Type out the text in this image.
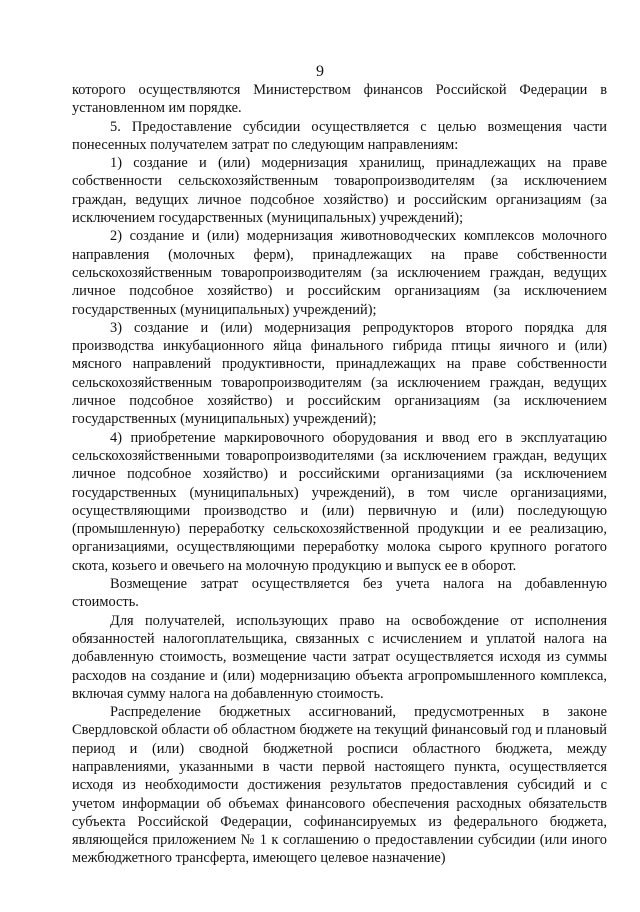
9

которого осуществляются Министерством финансов Российской Федерации в установленном им порядке.

5. Предоставление субсидии осуществляется с целью возмещения части понесенных получателем затрат по следующим направлениям:

1) создание и (или) модернизация хранилищ, принадлежащих на праве собственности сельскохозяйственным товаропроизводителям (за исключением граждан, ведущих личное подсобное хозяйство) и российским организациям (за исключением государственных (муниципальных) учреждений);

2) создание и (или) модернизация животноводческих комплексов молочного направления (молочных ферм), принадлежащих на праве собственности сельскохозяйственным товаропроизводителям (за исключением граждан, ведущих личное подсобное хозяйство) и российским организациям (за исключением государственных (муниципальных) учреждений);

3) создание и (или) модернизация репродукторов второго порядка для производства инкубационного яйца финального гибрида птицы яичного и (или) мясного направлений продуктивности, принадлежащих на праве собственности сельскохозяйственным товаропроизводителям (за исключением граждан, ведущих личное подсобное хозяйство) и российским организациям (за исключением государственных (муниципальных) учреждений);

4) приобретение маркировочного оборудования и ввод его в эксплуатацию сельскохозяйственными товаропроизводителями (за исключением граждан, ведущих личное подсобное хозяйство) и российскими организациями (за исключением государственных (муниципальных) учреждений), в том числе организациями, осуществляющими производство и (или) первичную и (или) последующую (промышленную) переработку сельскохозяйственной продукции и ее реализацию, организациями, осуществляющими переработку молока сырого крупного рогатого скота, козьего и овечьего на молочную продукцию и выпуск ее в оборот.

Возмещение затрат осуществляется без учета налога на добавленную стоимость.

Для получателей, использующих право на освобождение от исполнения обязанностей налогоплательщика, связанных с исчислением и уплатой налога на добавленную стоимость, возмещение части затрат осуществляется исходя из суммы расходов на создание и (или) модернизацию объекта агропромышленного комплекса, включая сумму налога на добавленную стоимость.

Распределение бюджетных ассигнований, предусмотренных в законе Свердловской области об областном бюджете на текущий финансовый год и плановый период и (или) сводной бюджетной росписи областного бюджета, между направлениями, указанными в части первой настоящего пункта, осуществляется исходя из необходимости достижения результатов предоставления субсидий и с учетом информации об объемах финансового обеспечения расходных обязательств субъекта Российской Федерации, софинансируемых из федерального бюджета, являющейся приложением № 1 к соглашению о предоставлении субсидии (или иного межбюджетного трансферта, имеющего целевое назначение)
